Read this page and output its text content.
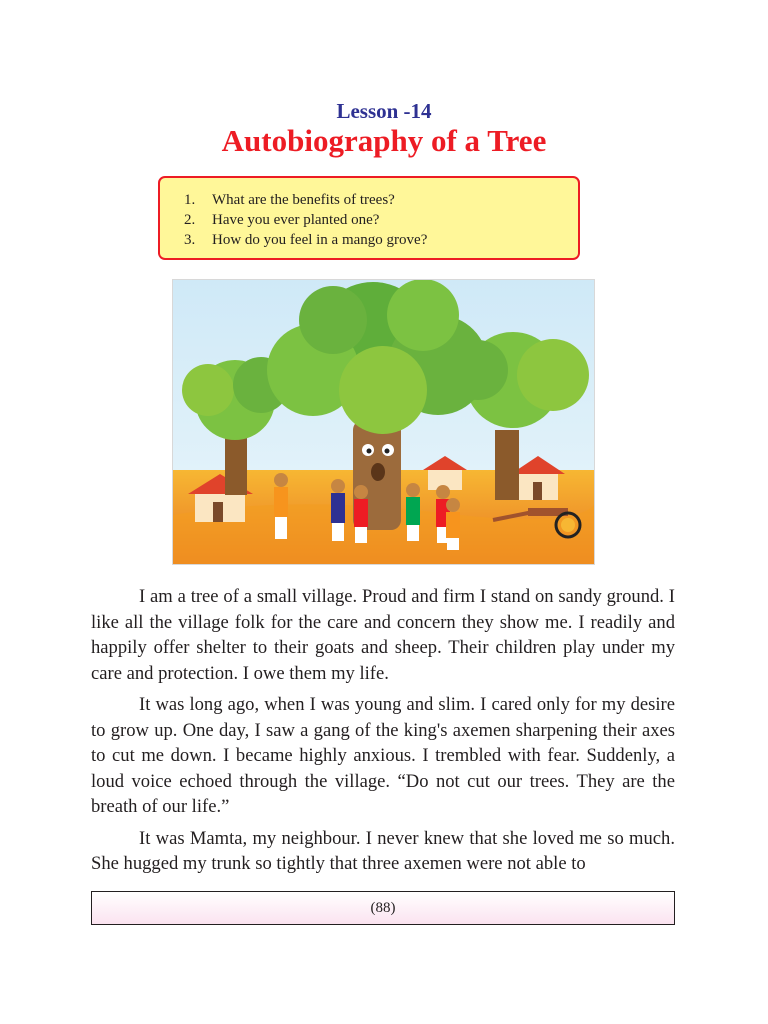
Lesson -14
Autobiography of a Tree
1.	What are the benefits of trees?
2.	Have you ever planted one?
3.	How do you feel in a mango grove?

I am a tree of a small village. Proud and firm I stand on sandy ground. I like all the village folk for the care and concern they show me. I readily and happily offer shelter to their goats and sheep. Their children play under my care and protection. I owe them my life.

It was long ago, when I was young and slim. I cared only for my desire to grow up. One day, I saw a gang of the king's axemen sharpening their axes to cut me down. I became highly anxious. I trembled with fear. Suddenly, a loud voice echoed through the village. “Do not cut our trees. They are the breath of our life.”

It was Mamta, my neighbour. I never knew that she loved me so much. She hugged my trunk so tightly that three axemen were not able to

(88)
